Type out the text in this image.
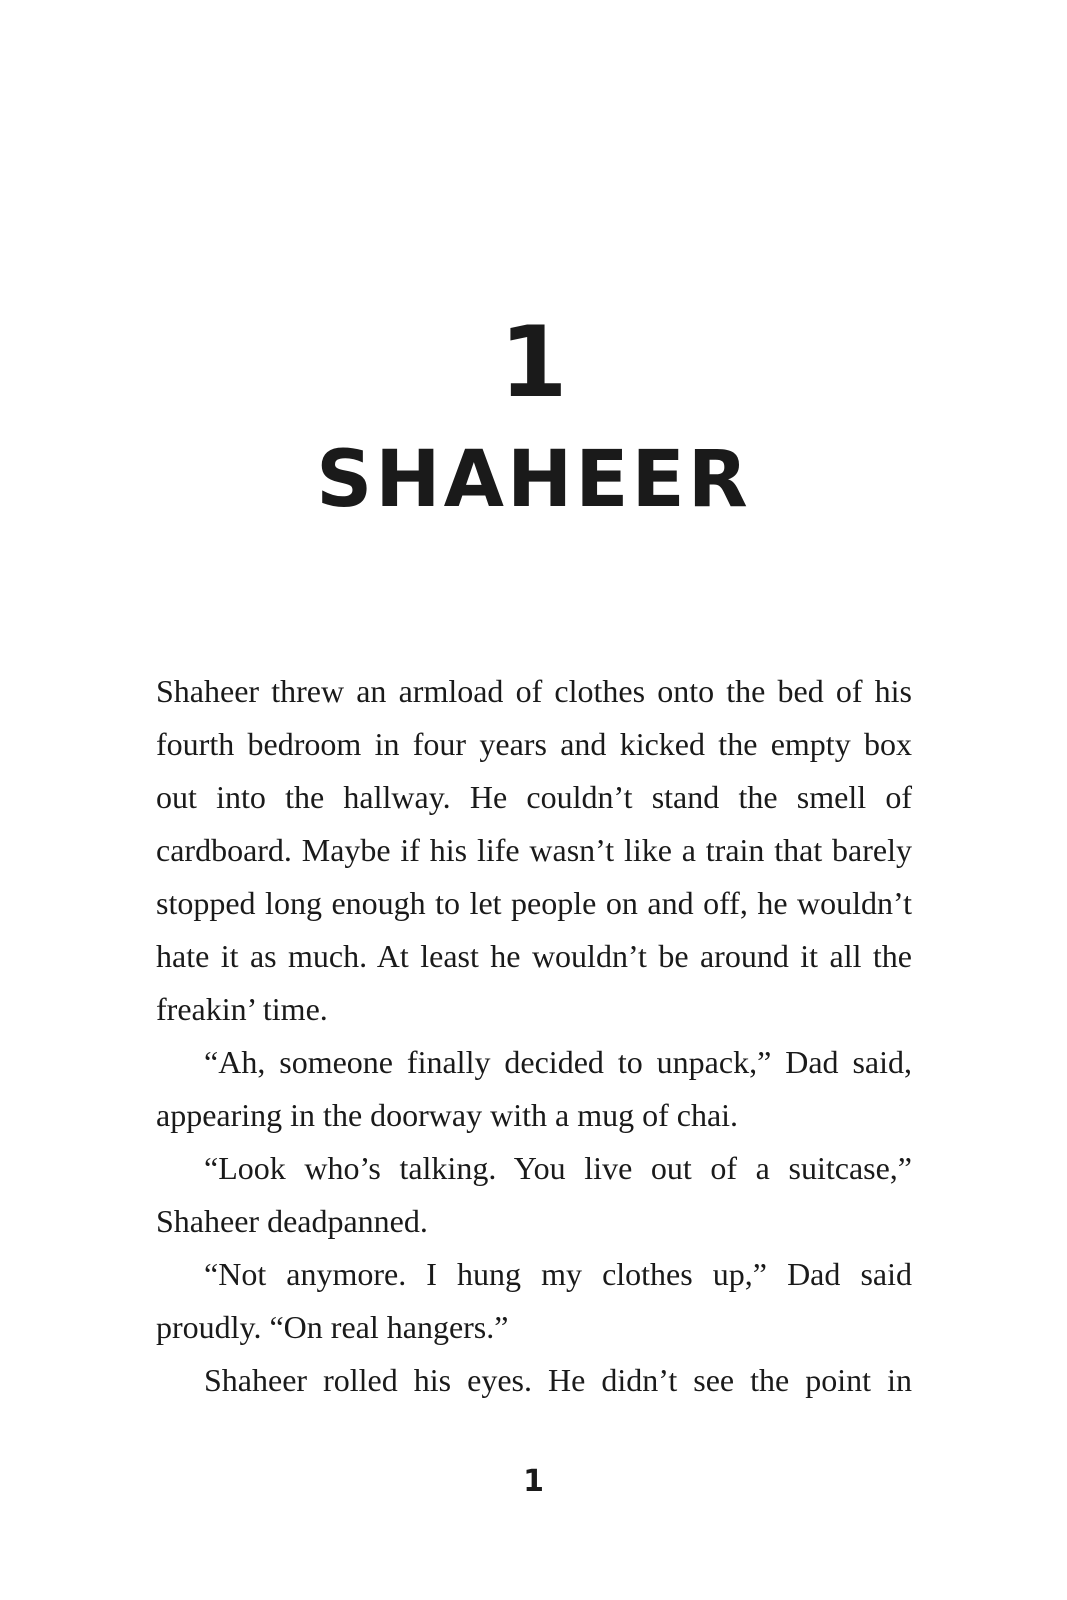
1
SHAHEER

Shaheer threw an armload of clothes onto the bed of his fourth bedroom in four years and kicked the empty box out into the hallway. He couldn’t stand the smell of cardboard. Maybe if his life wasn’t like a train that barely stopped long enough to let people on and off, he wouldn’t hate it as much. At least he wouldn’t be around it all the freakin’ time.

“Ah, someone finally decided to unpack,” Dad said, appearing in the doorway with a mug of chai.

“Look who’s talking. You live out of a suitcase,” Shaheer deadpanned.

“Not anymore. I hung my clothes up,” Dad said proudly. “On real hangers.”

Shaheer rolled his eyes. He didn’t see the point in

1
